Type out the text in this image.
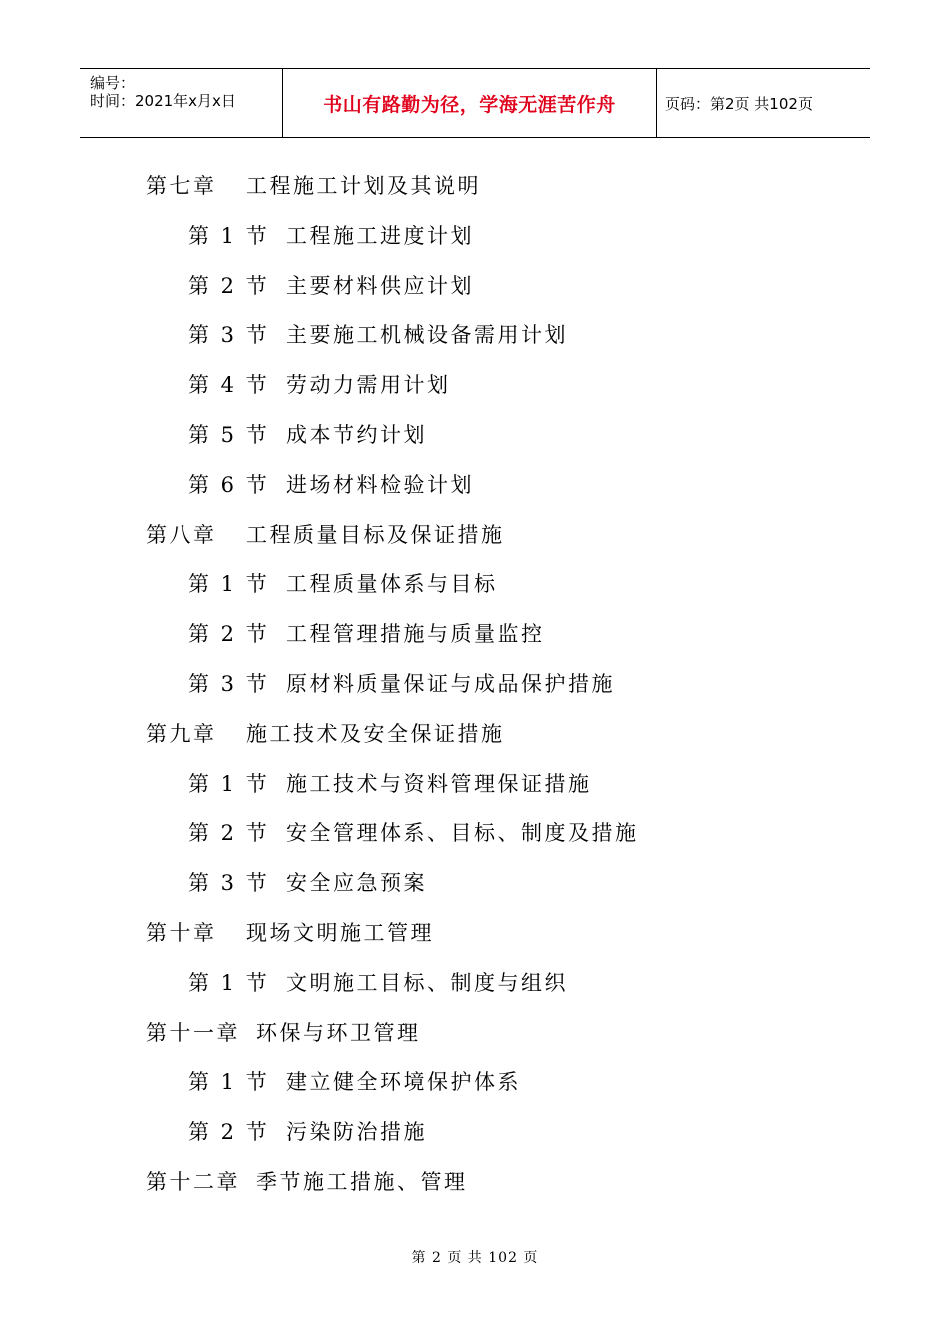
编号：
时间：2021年x月x日	书山有路勤为径，学海无涯苦作舟	页码：第2页 共102页
第七章 工程施工计划及其说明
第 1 节 工程施工进度计划
第 2 节 主要材料供应计划
第 3 节 主要施工机械设备需用计划
第 4 节 劳动力需用计划
第 5 节 成本节约计划
第 6 节 进场材料检验计划
第八章 工程质量目标及保证措施
第 1 节 工程质量体系与目标
第 2 节 工程管理措施与质量监控
第 3 节 原材料质量保证与成品保护措施
第九章 施工技术及安全保证措施
第 1 节 施工技术与资料管理保证措施
第 2 节 安全管理体系、目标、制度及措施
第 3 节 安全应急预案
第十章 现场文明施工管理
第 1 节 文明施工目标、制度与组织
第十一章 环保与环卫管理
第 1 节 建立健全环境保护体系
第 2 节 污染防治措施
第十二章 季节施工措施、管理
第 2 页 共 102 页
